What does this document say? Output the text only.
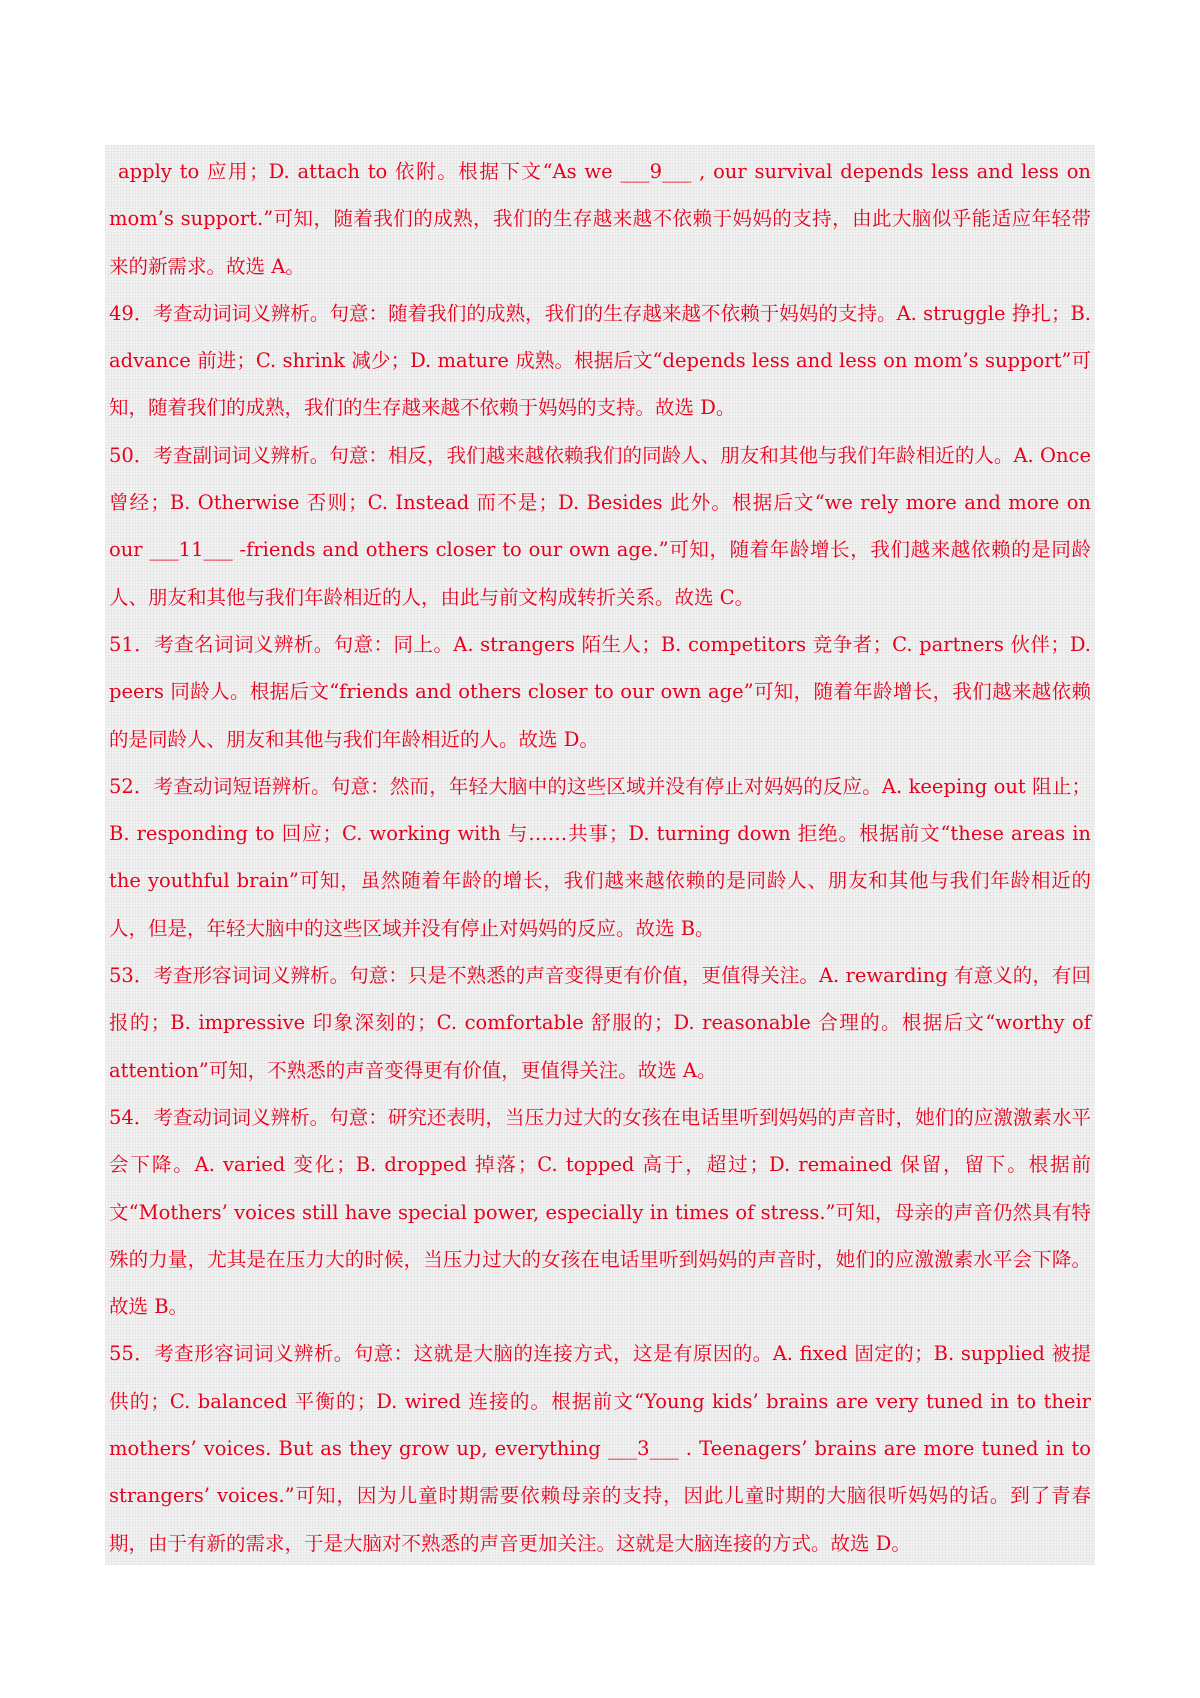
apply to 应用；D. attach to 依附。根据下文“As we ___9___ , our survival depends less and less on mom’s support.”可知，随着我们的成熟，我们的生存越来越不依赖于妈妈的支持，由此大脑似乎能适应年轻带来的新需求。故选 A。

49．考查动词词义辨析。句意：随着我们的成熟，我们的生存越来越不依赖于妈妈的支持。A. struggle 挣扎；B. advance 前进；C. shrink 减少；D. mature 成熟。根据后文“depends less and less on mom’s support”可知，随着我们的成熟，我们的生存越来越不依赖于妈妈的支持。故选 D。

50．考查副词词义辨析。句意：相反，我们越来越依赖我们的同龄人、朋友和其他与我们年龄相近的人。A. Once 曾经；B. Otherwise 否则；C. Instead 而不是；D. Besides 此外。根据后文“we rely more and more on our ___11___ -friends and others closer to our own age.”可知，随着年龄增长，我们越来越依赖的是同龄人、朋友和其他与我们年龄相近的人，由此与前文构成转折关系。故选 C。

51．考查名词词义辨析。句意：同上。A. strangers 陌生人；B. competitors 竞争者；C. partners 伙伴；D. peers 同龄人。根据后文“friends and others closer to our own age”可知，随着年龄增长，我们越来越依赖的是同龄人、朋友和其他与我们年龄相近的人。故选 D。

52．考查动词短语辨析。句意：然而，年轻大脑中的这些区域并没有停止对妈妈的反应。A. keeping out 阻止；B. responding to 回应；C. working with 与……共事；D. turning down 拒绝。根据前文“these areas in the youthful brain”可知，虽然随着年龄的增长，我们越来越依赖的是同龄人、朋友和其他与我们年龄相近的人，但是，年轻大脑中的这些区域并没有停止对妈妈的反应。故选 B。

53．考查形容词词义辨析。句意：只是不熟悉的声音变得更有价值，更值得关注。A. rewarding 有意义的，有回报的；B. impressive 印象深刻的；C. comfortable 舒服的；D. reasonable 合理的。根据后文“worthy of attention”可知，不熟悉的声音变得更有价值，更值得关注。故选 A。

54．考查动词词义辨析。句意：研究还表明，当压力过大的女孩在电话里听到妈妈的声音时，她们的应激激素水平会下降。A. varied 变化；B. dropped 掉落；C. topped 高于，超过；D. remained 保留，留下。根据前文“Mothers’ voices still have special power, especially in times of stress.”可知，母亲的声音仍然具有特殊的力量，尤其是在压力大的时候，当压力过大的女孩在电话里听到妈妈的声音时，她们的应激激素水平会下降。故选 B。

55．考查形容词词义辨析。句意：这就是大脑的连接方式，这是有原因的。A. fixed 固定的；B. supplied 被提供的；C. balanced 平衡的；D. wired 连接的。根据前文“Young kids’ brains are very tuned in to their mothers’ voices. But as they grow up, everything ___3___ . Teenagers’ brains are more tuned in to strangers’ voices.”可知，因为儿童时期需要依赖母亲的支持，因此儿童时期的大脑很听妈妈的话。到了青春期，由于有新的需求，于是大脑对不熟悉的声音更加关注。这就是大脑连接的方式。故选 D。
